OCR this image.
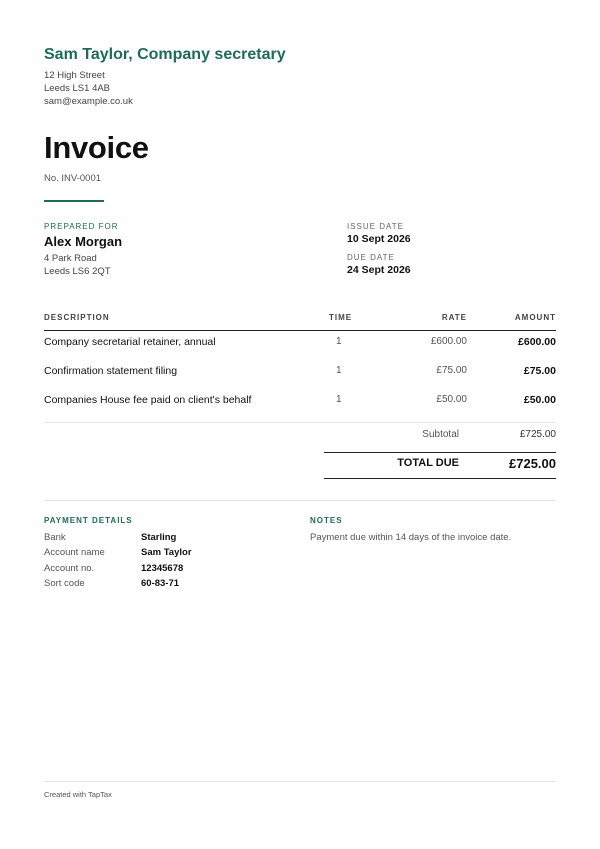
Sam Taylor, Company secretary
12 High Street
Leeds LS1 4AB
sam@example.co.uk
Invoice
No. INV-0001
PREPARED FOR
Alex Morgan
4 Park Road
Leeds LS6 2QT
ISSUE DATE
10 Sept 2026
DUE DATE
24 Sept 2026
DESCRIPTION	TIME	RATE	AMOUNT
Company secretarial retainer, annual	1	£600.00	£600.00
Confirmation statement filing	1	£75.00	£75.00
Companies House fee paid on client's behalf	1	£50.00	£50.00
Subtotal	£725.00
TOTAL DUE	£725.00
PAYMENT DETAILS
Bank	Starling
Account name	Sam Taylor
Account no.	12345678
Sort code	60-83-71
NOTES
Payment due within 14 days of the invoice date.
Created with TapTax
